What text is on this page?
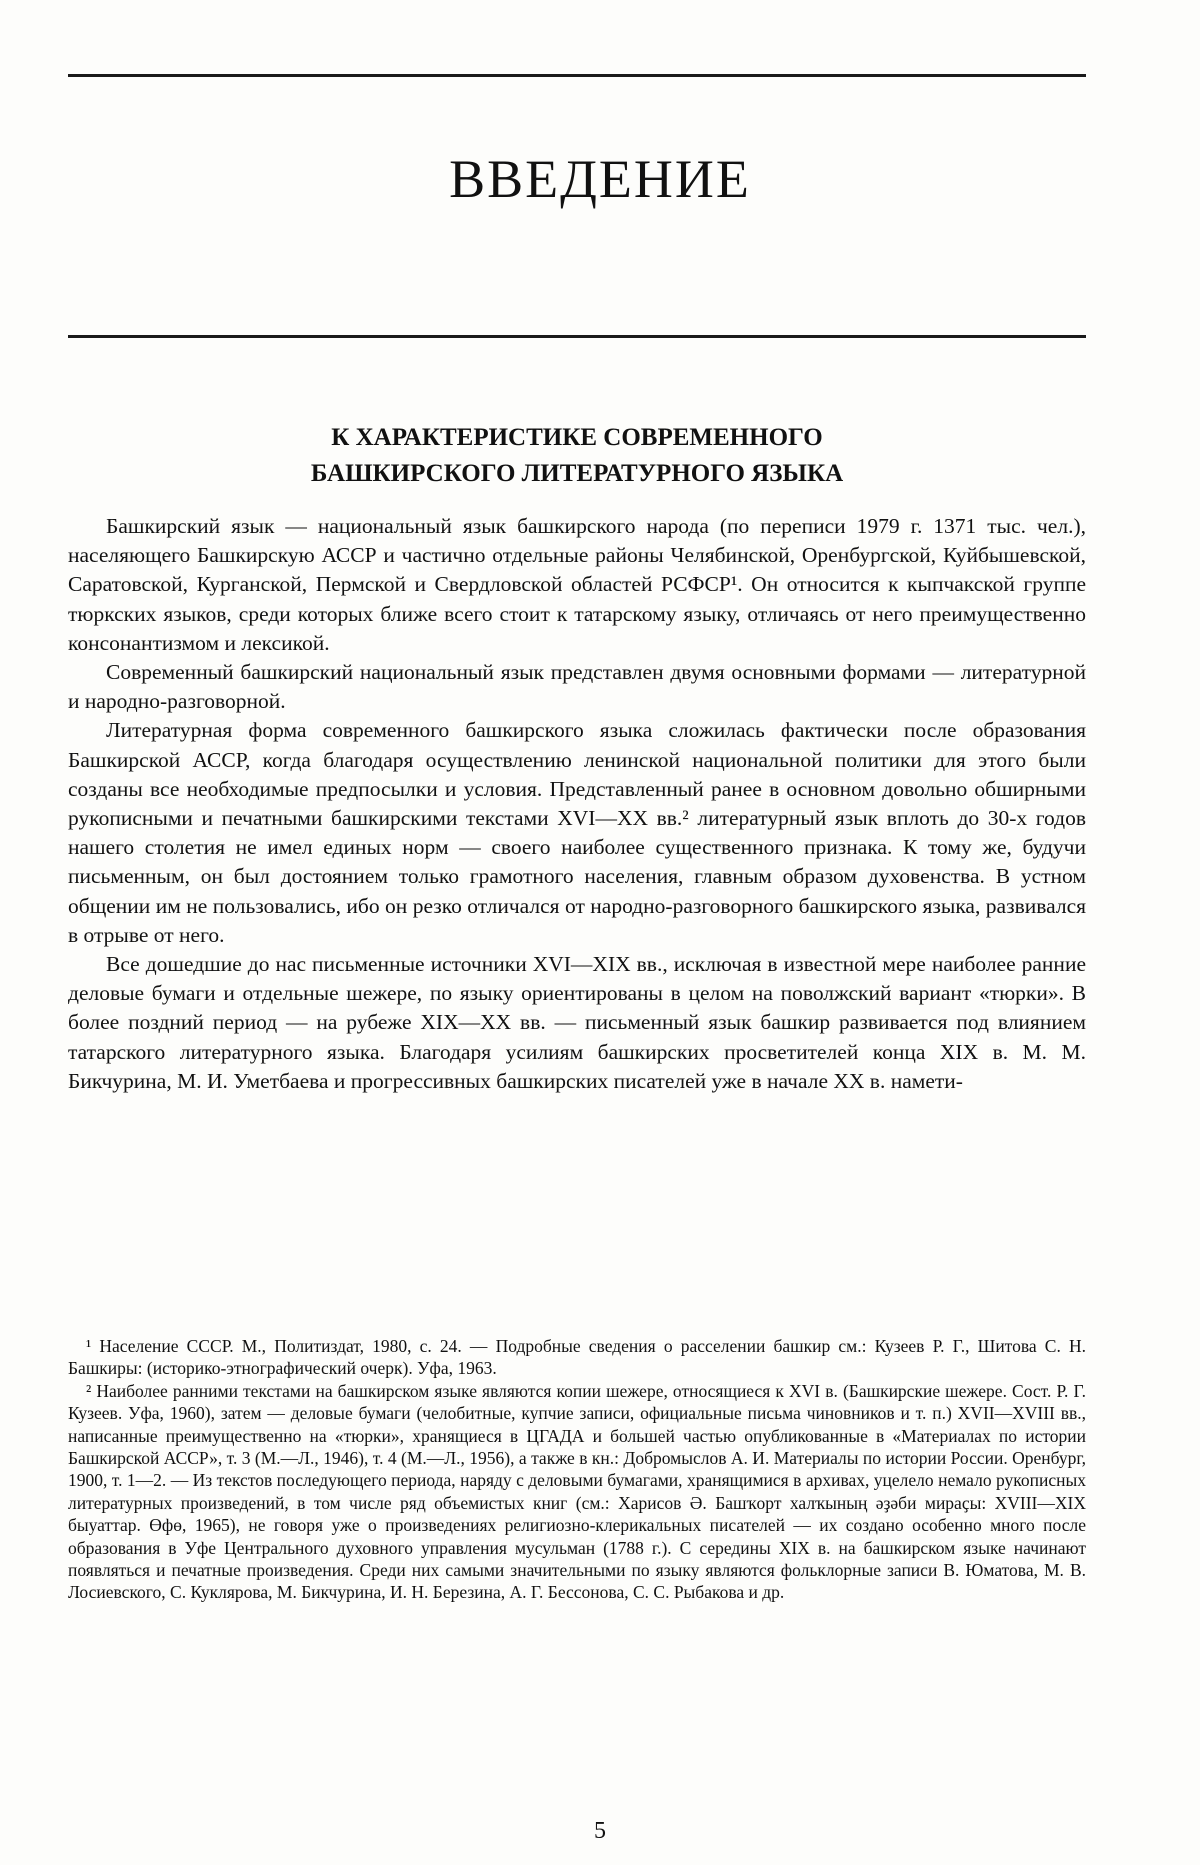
ВВЕДЕНИЕ
К ХАРАКТЕРИСТИКЕ СОВРЕМЕННОГО
БАШКИРСКОГО ЛИТЕРАТУРНОГО ЯЗЫКА

Башкирский язык — национальный язык башкирского народа (по переписи 1979 г. 1371 тыс. чел.), населяющего Башкирскую АССР и частично отдельные районы Челябинской, Оренбургской, Куйбышевской, Саратовской, Курганской, Пермской и Свердловской областей РСФСР¹. Он относится к кыпчакской группе тюркских языков, среди которых ближе всего стоит к татарскому языку, отличаясь от него преимущественно консонантизмом и лексикой.

Современный башкирский национальный язык представлен двумя основными формами — литературной и народно-разговорной.

Литературная форма современного башкирского языка сложилась фактически после образования Башкирской АССР, когда благодаря осуществлению ленинской национальной политики для этого были созданы все необходимые предпосылки и условия. Представленный ранее в основном довольно обширными рукописными и печатными башкирскими текстами XVI—XX вв.² литературный язык вплоть до 30-х годов нашего столетия не имел единых норм — своего наиболее существенного признака. К тому же, будучи письменным, он был достоянием только грамотного населения, главным образом духовенства. В устном общении им не пользовались, ибо он резко отличался от народно-разговорного башкирского языка, развивался в отрыве от него.

Все дошедшие до нас письменные источники XVI—XIX вв., исключая в известной мере наиболее ранние деловые бумаги и отдельные шежере, по языку ориентированы в целом на поволжский вариант «тюрки». В более поздний период — на рубеже XIX—XX вв. — письменный язык башкир развивается под влиянием татарского литературного языка. Благодаря усилиям башкирских просветителей конца XIX в. М. М. Бикчурина, М. И. Уметбаева и прогрессивных башкирских писателей уже в начале XX в. намети-

¹ Население СССР. М., Политиздат, 1980, с. 24. — Подробные сведения о расселении башкир см.: Кузеев Р. Г., Шитова С. Н. Башкиры: (историко-этнографический очерк). Уфа, 1963.

² Наиболее ранними текстами на башкирском языке являются копии шежере, относящиеся к XVI в. (Башкирские шежере. Сост. Р. Г. Кузеев. Уфа, 1960), затем — деловые бумаги (челобитные, купчие записи, официальные письма чиновников и т. п.) XVII—XVIII вв., написанные преимущественно на «тюрки», хранящиеся в ЦГАДА и большей частью опубликованные в «Материалах по истории Башкирской АССР», т. 3 (М.—Л., 1946), т. 4 (М.—Л., 1956), а также в кн.: Добромыслов А. И. Материалы по истории России. Оренбург, 1900, т. 1—2. — Из текстов последующего периода, наряду с деловыми бумагами, хранящимися в архивах, уцелело немало рукописных литературных произведений, в том числе ряд объемистых книг (см.: Харисов Ә. Башҡорт халҡының әҙәби мираҫы: XVIII—XIX быуаттар. Өфө, 1965), не говоря уже о произведениях религиозно-клерикальных писателей — их создано особенно много после образования в Уфе Центрального духовного управления мусульман (1788 г.). С середины XIX в. на башкирском языке начинают появляться и печатные произведения. Среди них самыми значительными по языку являются фольклорные записи В. Юматова, М. В. Лосиевского, С. Куклярова, М. Бикчурина, И. Н. Березина, А. Г. Бессонова, С. С. Рыбакова и др.

5
